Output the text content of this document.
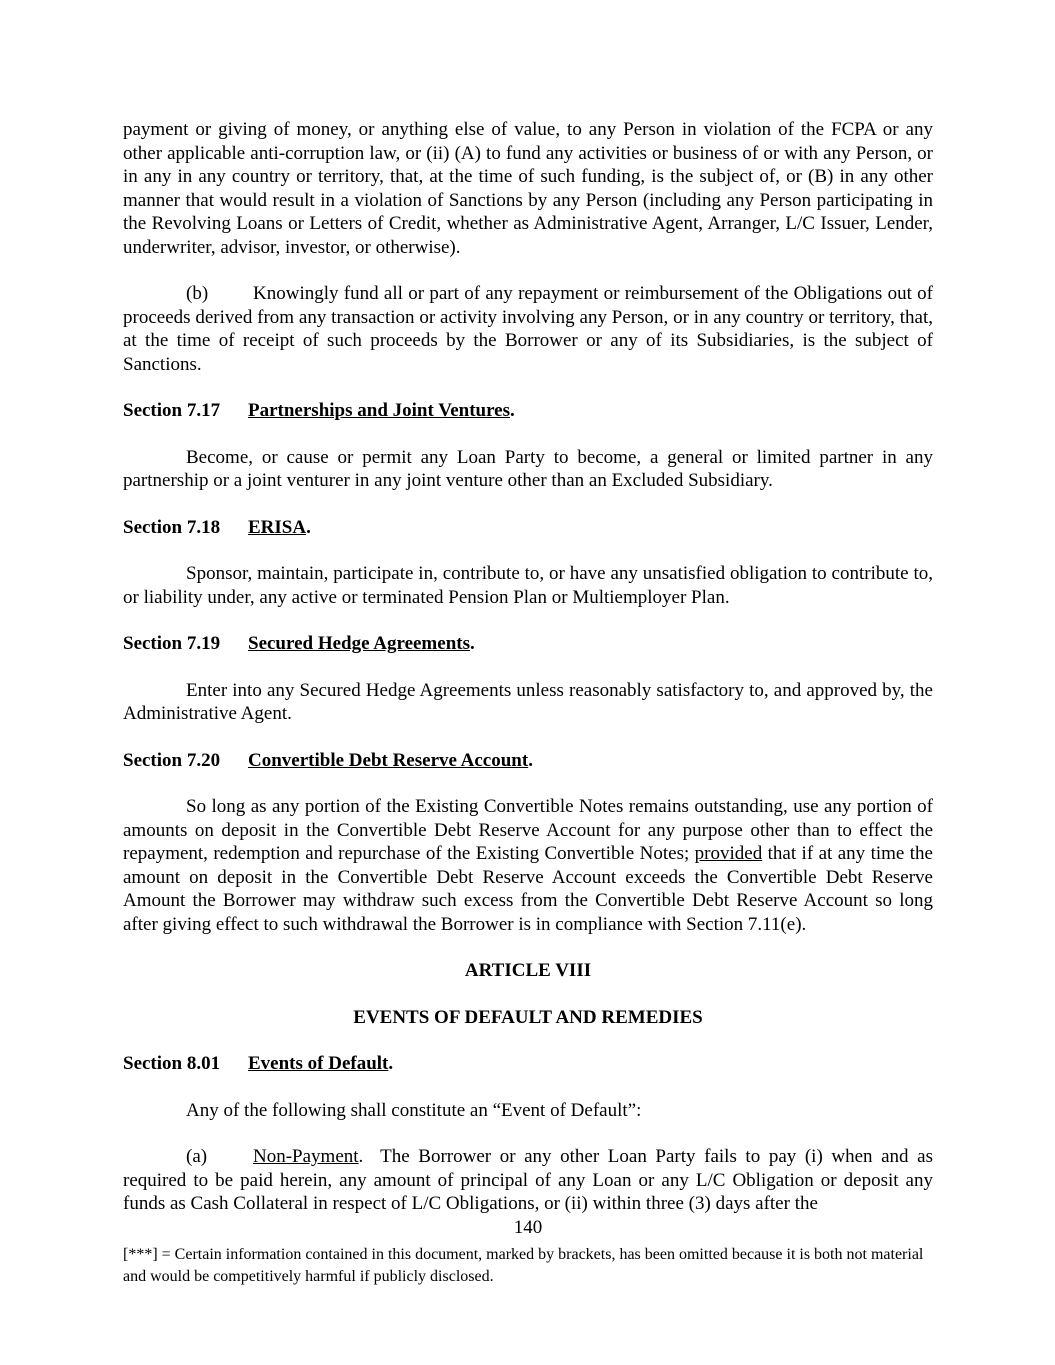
payment or giving of money, or anything else of value, to any Person in violation of the FCPA or any other applicable anti-corruption law, or (ii) (A) to fund any activities or business of or with any Person, or in any in any country or territory, that, at the time of such funding, is the subject of, or (B) in any other manner that would result in a violation of Sanctions by any Person (including any Person participating in the Revolving Loans or Letters of Credit, whether as Administrative Agent, Arranger, L/C Issuer, Lender, underwriter, advisor, investor, or otherwise).

(b) Knowingly fund all or part of any repayment or reimbursement of the Obligations out of proceeds derived from any transaction or activity involving any Person, or in any country or territory, that, at the time of receipt of such proceeds by the Borrower or any of its Subsidiaries, is the subject of Sanctions.

Section 7.17 Partnerships and Joint Ventures.

Become, or cause or permit any Loan Party to become, a general or limited partner in any partnership or a joint venturer in any joint venture other than an Excluded Subsidiary.

Section 7.18 ERISA.

Sponsor, maintain, participate in, contribute to, or have any unsatisfied obligation to contribute to, or liability under, any active or terminated Pension Plan or Multiemployer Plan.

Section 7.19 Secured Hedge Agreements.

Enter into any Secured Hedge Agreements unless reasonably satisfactory to, and approved by, the Administrative Agent.

Section 7.20 Convertible Debt Reserve Account.

So long as any portion of the Existing Convertible Notes remains outstanding, use any portion of amounts on deposit in the Convertible Debt Reserve Account for any purpose other than to effect the repayment, redemption and repurchase of the Existing Convertible Notes; provided that if at any time the amount on deposit in the Convertible Debt Reserve Account exceeds the Convertible Debt Reserve Amount the Borrower may withdraw such excess from the Convertible Debt Reserve Account so long after giving effect to such withdrawal the Borrower is in compliance with Section 7.11(e).

ARTICLE VIII
EVENTS OF DEFAULT AND REMEDIES
Section 8.01 Events of Default.

Any of the following shall constitute an “Event of Default”:

(a) Non-Payment.  The Borrower or any other Loan Party fails to pay (i) when and as required to be paid herein, any amount of principal of any Loan or any L/C Obligation or deposit any funds as Cash Collateral in respect of L/C Obligations, or (ii) within three (3) days after the

140

[***] = Certain information contained in this document, marked by brackets, has been omitted because it is both not material and would be competitively harmful if publicly disclosed.
